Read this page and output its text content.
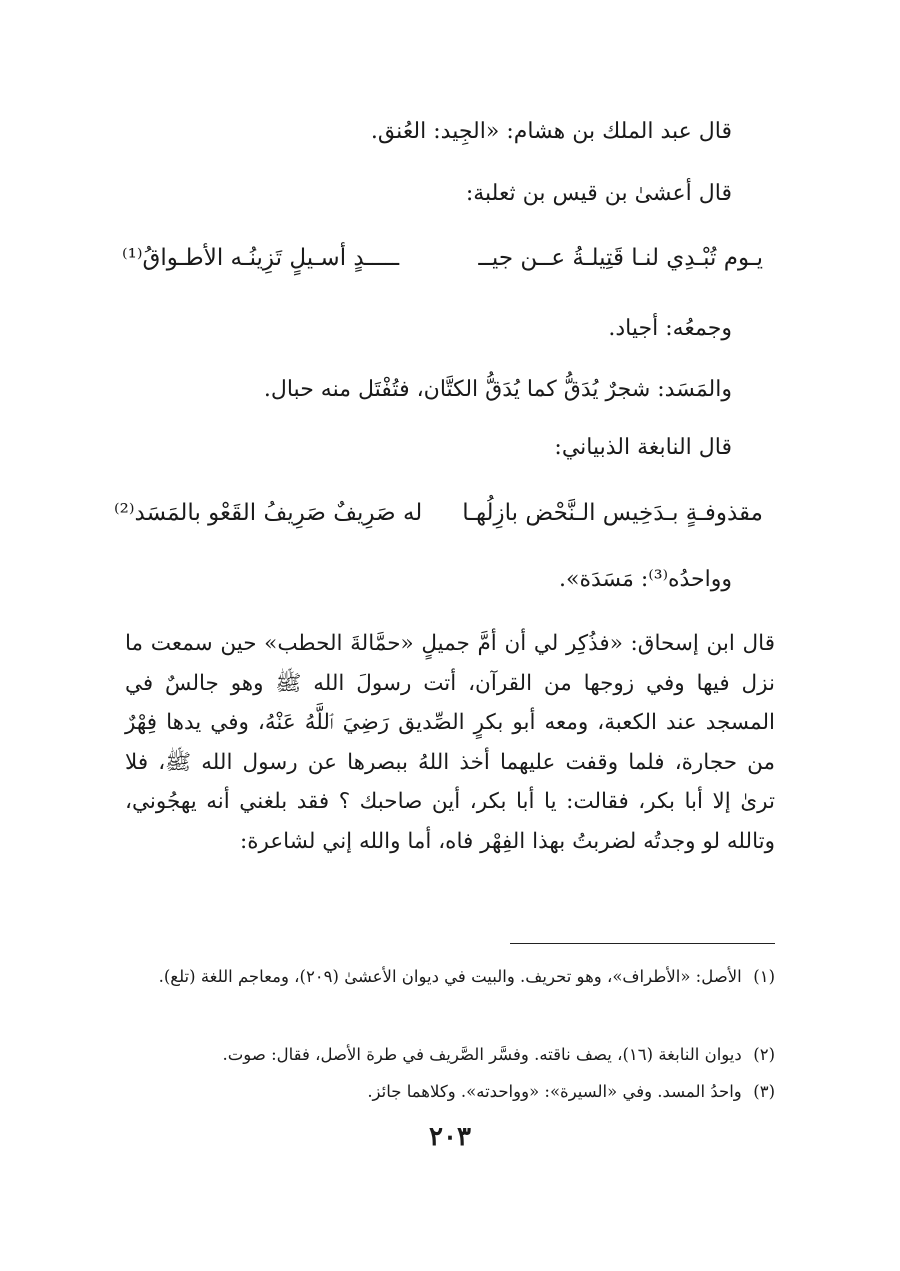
قال عبد الملك بن هشام: «الجِيد: العُنق.
قال أعشىٰ بن قيس بن ثعلبة:
يـوم تُبْـدِي لنـا قَتِيلـةُ عــن جيــ
ـــــدٍ أسـيلٍ تَزِينُـه الأطـواقُ⁽¹⁾
وجمعُه: أجياد.
والمَسَد: شجرٌ يُدَقُّ كما يُدَقُّ الكتَّان، فتُفْتَل منه حبال.
قال النابغة الذبياني:
مقذوفـةٍ بـدَخِيس الـنَّحْض بازِلُهـا
له صَرِيفٌ صَرِيفُ القَعْو بالمَسَد⁽²⁾
وواحدُه⁽³⁾: مَسَدَة».
قال ابن إسحاق: «فذُكِر لي أن أمَّ جميلٍ «حمَّالةَ الحطب» حين سمعت ما نزل فيها وفي زوجها من القرآن، أتت رسولَ الله ﷺ وهو جالسٌ في المسجد عند الكعبة، ومعه أبو بكرٍ الصِّديق رَضِيَ ٱللَّهُ عَنْهُ، وفي يدها فِهْرٌ من حجارة، فلما وقفت عليهما أخذ اللهُ ببصرها عن رسول الله ﷺ، فلا ترىٰ إلا أبا بكر، فقالت: يا أبا بكر، أين صاحبك ؟ فقد بلغني أنه يهجُوني، وتالله لو وجدتُه لضربتُ بهذا الفِهْر فاه، أما والله إني لشاعرة:
(١) الأصل: «الأطراف»، وهو تحريف. والبيت في ديوان الأعشىٰ (٢٠٩)، ومعاجم اللغة (تلع).
(٢) ديوان النابغة (١٦)، يصف ناقته. وفسَّر الصَّريف في طرة الأصل، فقال: صوت.
(٣) واحدُ المسد. وفي «السيرة»: «وواحدته». وكلاهما جائز.
٢٠٣
